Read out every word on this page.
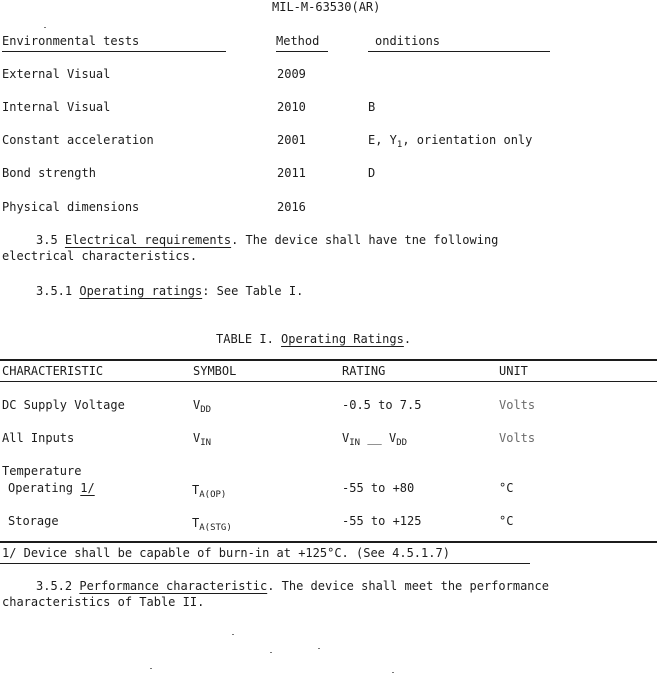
MIL-M-63530(AR)
Environmental tests	Method	onditions
External Visual	2009
Internal Visual	2010	B
Constant acceleration	2001	E, $Y_1$, orientation only
Bond strength	2011	D
Physical dimensions	2016
3.5 Electrical requirements. The device shall have tne following
electrical characteristics.
3.5.1 Operating ratings: See Table I.
TABLE I. Operating Ratings.
CHARACTERISTIC	SYMBOL	RATING	UNIT
DC Supply Voltage	$V_{DD}$	-0.5 to 7.5	Volts
All Inputs	$V_{IN}$	$V_{IN}$ __ $V_{DD}$	Volts
Temperature
Operating 1/	$T_{A(OP)}$	-55 to +80	°C
Storage	$T_{A(STG)}$	-55 to +125	°C
1/ Device shall be capable of burn-in at +125°C. (See 4.5.1.7)
3.5.2 Performance characteristic. The device shall meet the performance
characteristics of Table II.
